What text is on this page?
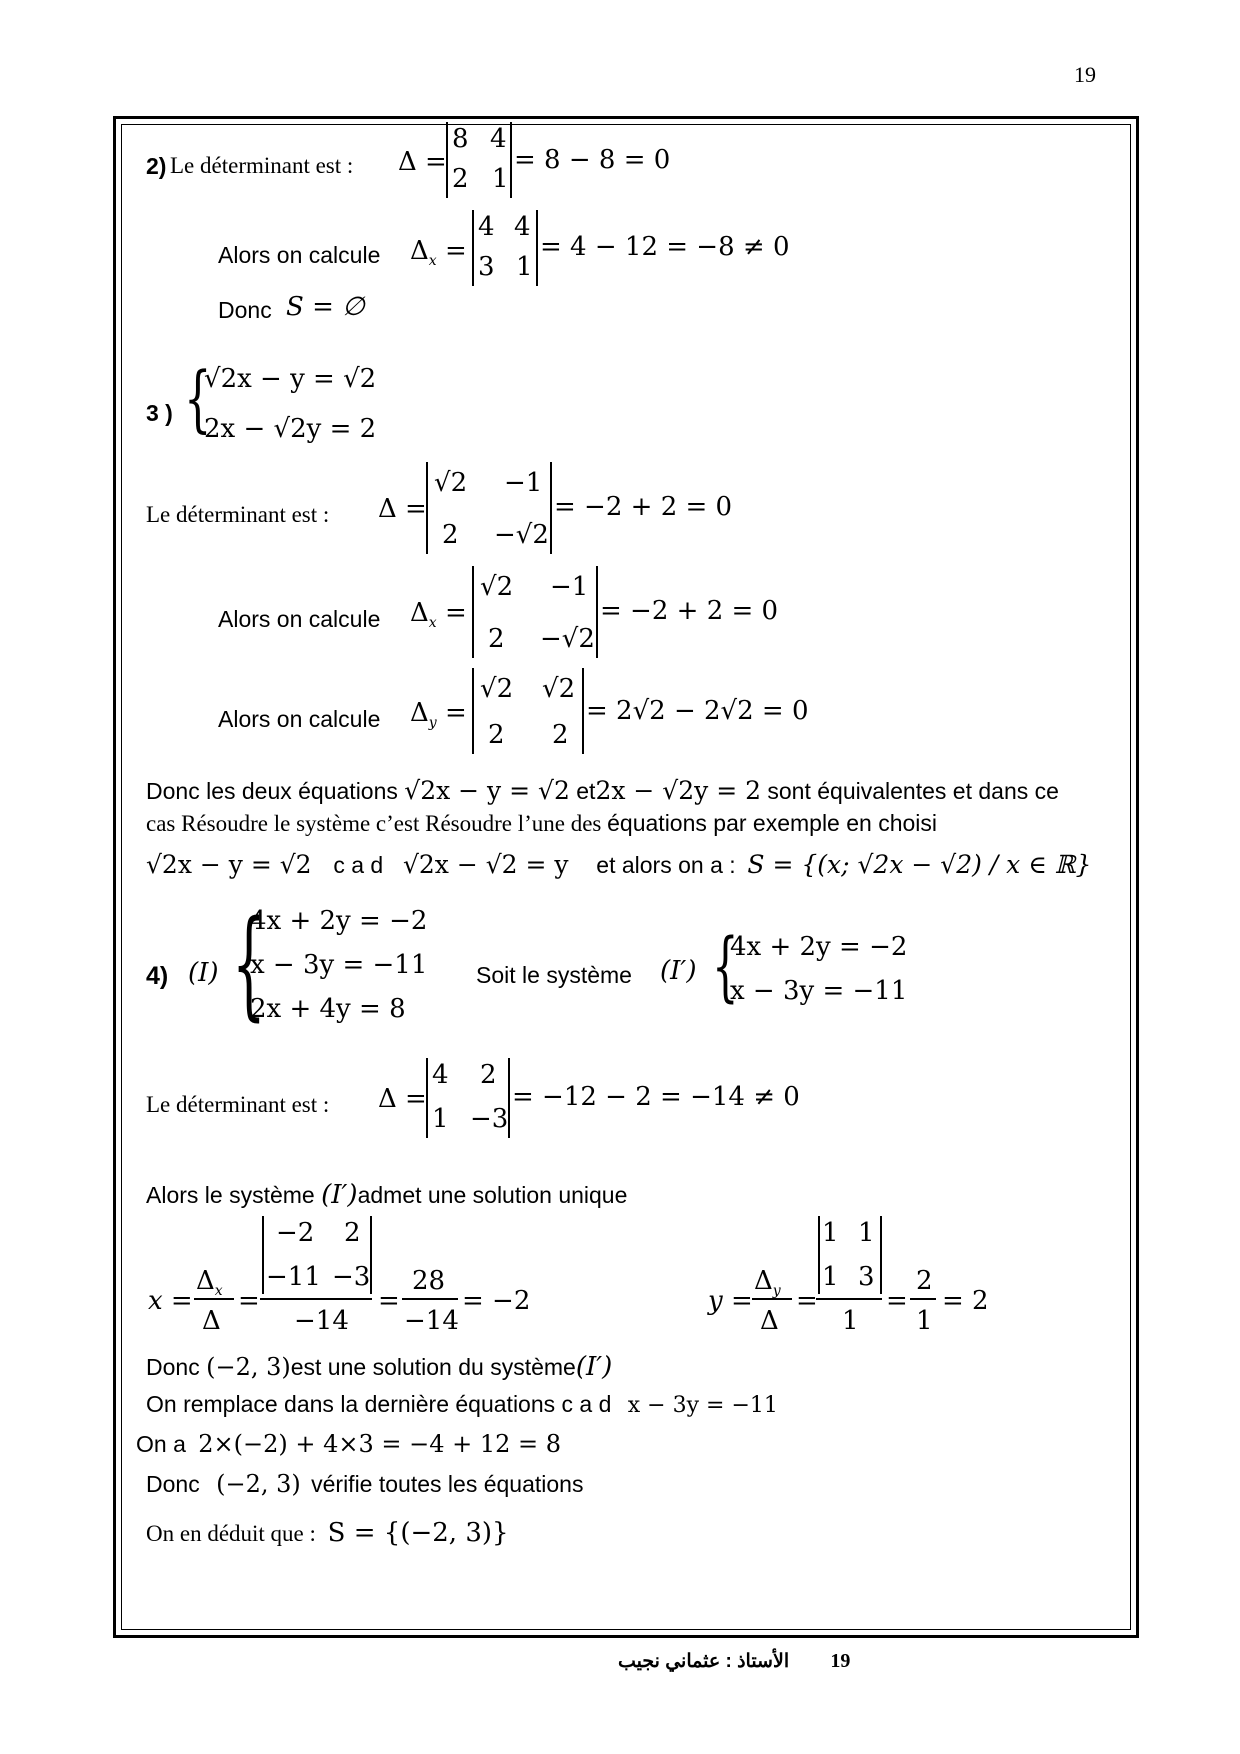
19
2) Le déterminant est : Δ =
8 4
2 1
= 8 − 8 = 0
Alors on calcule $\Delta_x$ =
4 4
3 1
= 4 − 12 = −8 ≠ 0
Donc S = ∅
3 ) {
√2x − y = √2
2x − √2y = 2
Le déterminant est : Δ =
√2 −1
2 −√2
= −2 + 2 = 0
Alors on calcule $\Delta_x$ =
√2 −1
2 −√2
= −2 + 2 = 0
Alors on calcule $\Delta_y$ =
√2 √2
2 2
= 2√2 − 2√2 = 0
Donc les deux équations √2x − y = √2 et2x − √2y = 2 sont équivalentes et dans ce
cas Résoudre le système c’est Résoudre l’une des équations par exemple en choisi
√2x − y = √2 c a d √2x − √2 = y et alors on a : S = {(x; √2x − √2) / x ∈ ℝ}
4) (I) {
4x + 2y = −2
x − 3y = −11
2x + 4y = 8
Soit le système (I′) {
4x + 2y = −2
x − 3y = −11
Le déterminant est : Δ =
4 2
1 −3
= −12 − 2 = −14 ≠ 0
Alors le système (I′)admet une solution unique
x =
$\Delta_x$
Δ
=
−2 2
−11 −3
−14
=
28
−14
= −2	y =
$\Delta_y$
Δ
=
1 1
1 3
1
=
2
1
= 2
Donc (−2, 3)est une solution du système(I′)
On remplace dans la dernière équations c a d x − 3y = −11
On a 2×(−2) + 4×3 = −4 + 12 = 8
Donc (−2, 3) vérifie toutes les équations
On en déduit que : S = {(−2, 3)}
الأستاذ : عثماني نجيب 19
